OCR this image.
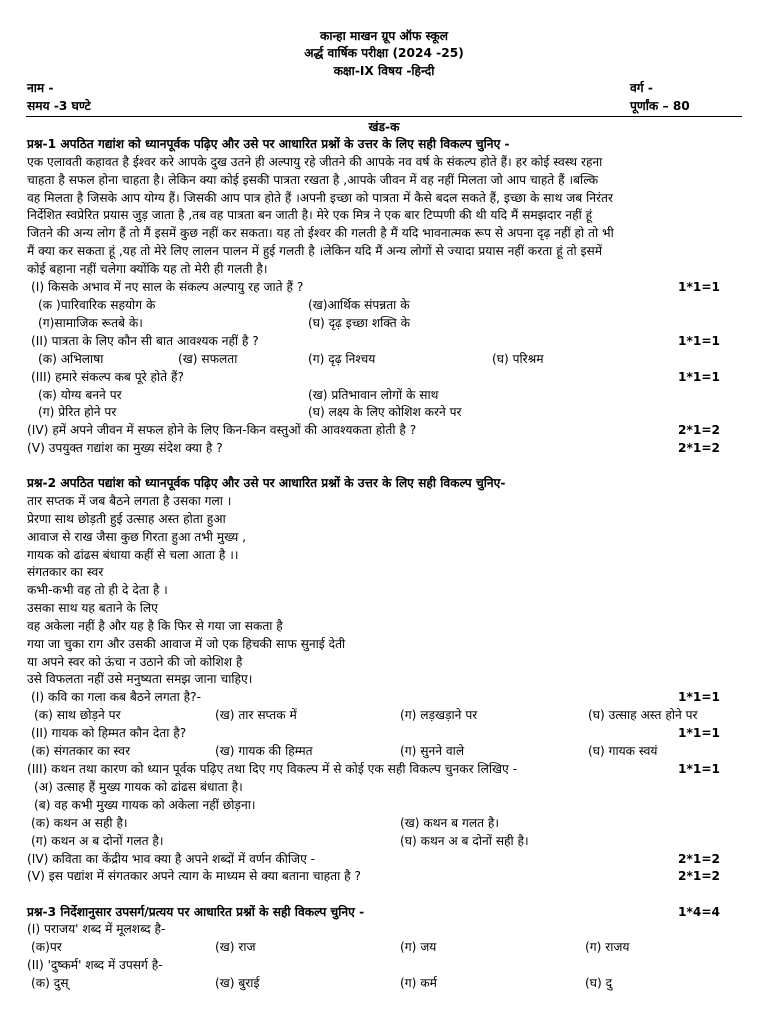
कान्हा माखन ग्रूप ऑफ स्कूल
अर्द्ध वार्षिक परीक्षा (2024 -25)
कक्षा-IX विषय -हिन्दी
नाम -	वर्ग -
समय -3 घण्टे	पूर्णांक – 80
खंड-क
प्रश्न-1 अपठित गद्यांश को ध्यानपूर्वक पढ़िए और उसे पर आधारित प्रश्नों के उत्तर के लिए सही विकल्प चुनिए -
एक एलावती कहावत है ईश्वर करे आपके दुख उतने ही अल्पायु रहे जीतने की आपके नव वर्ष के संकल्प होते हैं। हर कोई स्वस्थ रहना
चाहता है सफल होना चाहता है। लेकिन क्या कोई इसकी पात्रता रखता है ,आपके जीवन में वह नहीं मिलता जो आप चाहते हैं ।बल्कि
वह मिलता है जिसके आप योग्य हैं। जिसकी आप पात्र होते हैं ।अपनी इच्छा को पात्रता में कैसे बदल सकते हैं, इच्छा के साथ जब निरंतर
निर्देशित स्वप्रेरित प्रयास जुड़ जाता है ,तब वह पात्रता बन जाती है। मेरे एक मित्र ने एक बार टिप्पणी की थी यदि मैं समझदार नहीं हूं
जितने की अन्य लोग हैं तो मैं इसमें कुछ नहीं कर सकता। यह तो ईश्वर की गलती है मैं यदि भावनात्मक रूप से अपना दृढ़ नहीं हो तो भी
मैं क्या कर सकता हूं ,यह तो मेरे लिए लालन पालन में हुई गलती है ।लेकिन यदि मैं अन्य लोगों से ज्यादा प्रयास नहीं करता हूं तो इसमें
कोई बहाना नहीं चलेगा क्योंकि यह तो मेरी ही गलती है।
(I) किसके अभाव में नए साल के संकल्प अल्पायु रह जाते हैं ?	1*1=1
(क )पारिवारिक सहयोग के	(ख)आर्थिक संपन्नता के
(ग)सामाजिक रूतबे के।	(घ) दृढ़ इच्छा शक्ति के
(II) पात्रता के लिए कौन सी बात आवश्यक नहीं है ?	1*1=1
(क) अभिलाषा	(ख) सफलता	(ग) दृढ़ निश्चय	(घ) परिश्रम
(III) हमारे संकल्प कब पूरे होते हैं?	1*1=1
(क) योग्य बनने पर	(ख) प्रतिभावान लोगों के साथ
(ग) प्रेरित होने पर	(घ) लक्ष्य के लिए कोशिश करने पर
(IV) हमें अपने जीवन में सफल होने के लिए किन-किन वस्तुओं की आवश्यकता होती है ?	2*1=2
(V) उपयुक्त गद्यांश का मुख्य संदेश क्या है ?	2*1=2
प्रश्न-2 अपठित पद्यांश को ध्यानपूर्वक पढ़िए और उसे पर आधारित प्रश्नों के उत्तर के लिए सही विकल्प चुनिए-
तार सप्तक में जब बैठने लगता है उसका गला ।
प्रेरणा साथ छोड़ती हुई उत्साह अस्त होता हुआ
आवाज से राख जैसा कुछ गिरता हुआ तभी मुख्य ,
गायक को ढांढस बंधाया कहीं से चला आता है ।।
संगतकार का स्वर
कभी-कभी वह तो ही दे देता है ।
उसका साथ यह बताने के लिए
वह अकेला नहीं है और यह है कि फिर से गया जा सकता है
गया जा चुका राग और उसकी आवाज में जो एक हिचकी साफ सुनाई देती
या अपने स्वर को ऊंचा न उठाने की जो कोशिश है
उसे विफलता नहीं उसे मनुष्यता समझ जाना चाहिए।
(I) कवि का गला कब बैठने लगता है?-	1*1=1
(क) साथ छोड़ने पर	(ख) तार सप्तक में	(ग) लड़खड़ाने पर	(घ) उत्साह अस्त होने पर
(II) गायक को हिम्मत कौन देता है?	1*1=1
(क) संगतकार का स्वर	(ख) गायक की हिम्मत	(ग) सुनने वाले	(घ) गायक स्वयं
(III) कथन तथा कारण को ध्यान पूर्वक पढ़िए तथा दिए गए विकल्प में से कोई एक सही विकल्प चुनकर लिखिए -	1*1=1
(अ) उत्साह हैं मुख्य गायक को ढांढस बंधाता है।
(ब) वह कभी मुख्य गायक को अकेला नहीं छोड़ना।
(क) कथन अ सही है।	(ख) कथन ब गलत है।
(ग) कथन अ ब दोनों गलत है।	(घ) कथन अ ब दोनों सही है।
(IV) कविता का केंद्रीय भाव क्या है अपने शब्दों में वर्णन कीजिए -	2*1=2
(V) इस पद्यांश में संगतकार अपने त्याग के माध्यम से क्या बताना चाहता है ?	2*1=2
प्रश्न-3 निर्देशानुसार उपसर्ग/प्रत्यय पर आधारित प्रश्नों के सही विकल्प चुनिए -	1*4=4
(I) पराजय' शब्द में मूलशब्द है-
(क)पर	(ख) राज	(ग) जय	(ग) राजय
(II) 'दुष्कर्म' शब्द में उपसर्ग है-
(क) दुस्	(ख) बुराई	(ग) कर्म	(घ) दु
